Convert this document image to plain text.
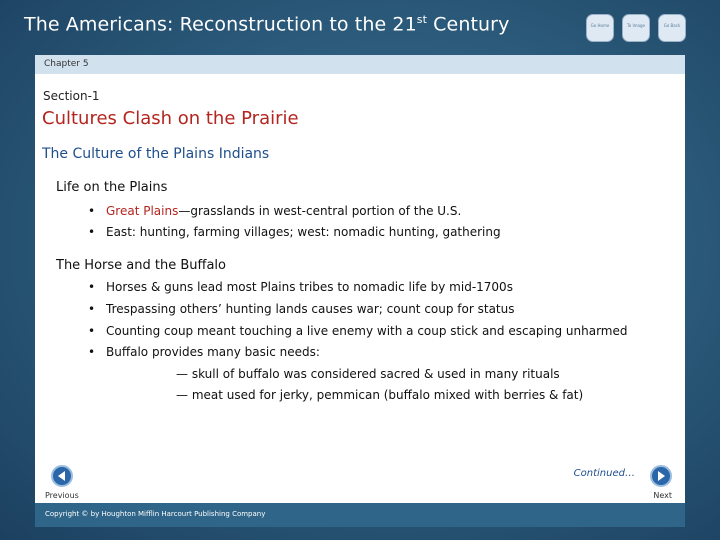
The Americans: Reconstruction to the 21st Century	Go Home	To Image	Go Back
Chapter 5
Section-1
Cultures Clash on the Prairie
The Culture of the Plains Indians
Life on the Plains
• Great Plains—grasslands in west-central portion of the U.S.
• East: hunting, farming villages; west: nomadic hunting, gathering
The Horse and the Buffalo
• Horses & guns lead most Plains tribes to nomadic life by mid-1700s
• Trespassing others’ hunting lands causes war; count coup for status
• Counting coup meant touching a live enemy with a coup stick and escaping unharmed
• Buffalo provides many basic needs:
— skull of buffalo was considered sacred & used in many rituals
— meat used for jerky, pemmican (buffalo mixed with berries & fat)
Continued…
Previous	Next
Copyright © by Houghton Mifflin Harcourt Publishing Company
